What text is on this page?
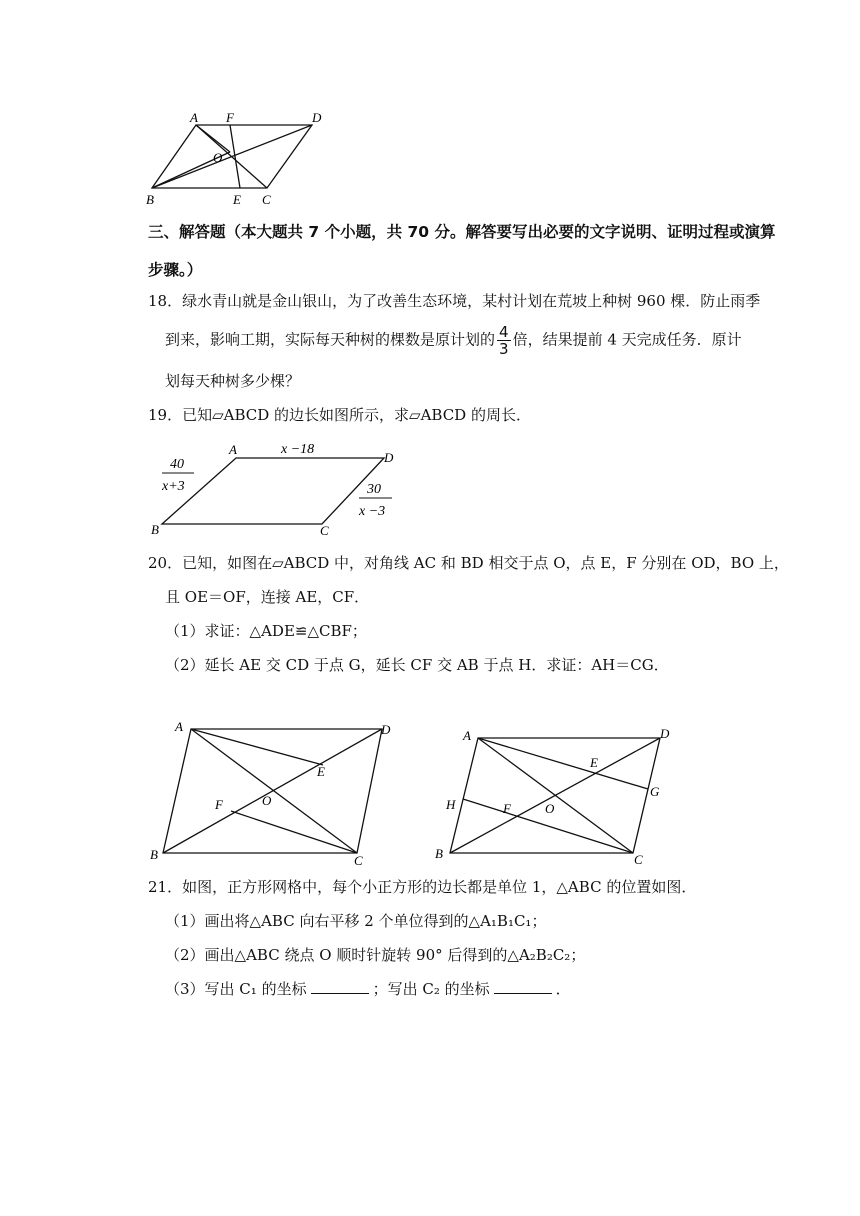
A F	D
O
B	E C
三、解答题（本大题共 7 个小题，共 70 分。解答要写出必要的文字说明、证明过程或演算
步骤。）
18．绿水青山就是金山银山，为了改善生态环境，某村计划在荒坡上种树 960 棵．防止雨季
到来，影响工期，实际每天种树的棵数是原计划的 $\frac{4}{3}$ 倍，结果提前 4 天完成任务．原计
划每天种树多少棵？
19．已知▱ABCD 的边长如图所示，求▱ABCD 的周长．
A	x −18
D
40
x+3	30
x −3
B	C
20．已知，如图在▱ABCD 中，对角线 AC 和 BD 相交于点 O，点 E，F 分别在 OD，BO 上，
且 OE＝OF，连接 AE，CF．
（1）求证：△ADE≌△CBF；
（2）延长 AE 交 CD 于点 G，延长 CF 交 AB 于点 H．求证：AH＝CG．
A	D
E
O
F
B	C
A	D
E
G
H	F	O
B	C
21．如图，正方形网格中，每个小正方形的边长都是单位 1，△ABC 的位置如图．
（1）画出将△ABC 向右平移 2 个单位得到的△A₁B₁C₁；
（2）画出△ABC 绕点 O 顺时针旋转 90° 后得到的△A₂B₂C₂；
（3）写出 C₁ 的坐标	；写出 C₂ 的坐标	．
